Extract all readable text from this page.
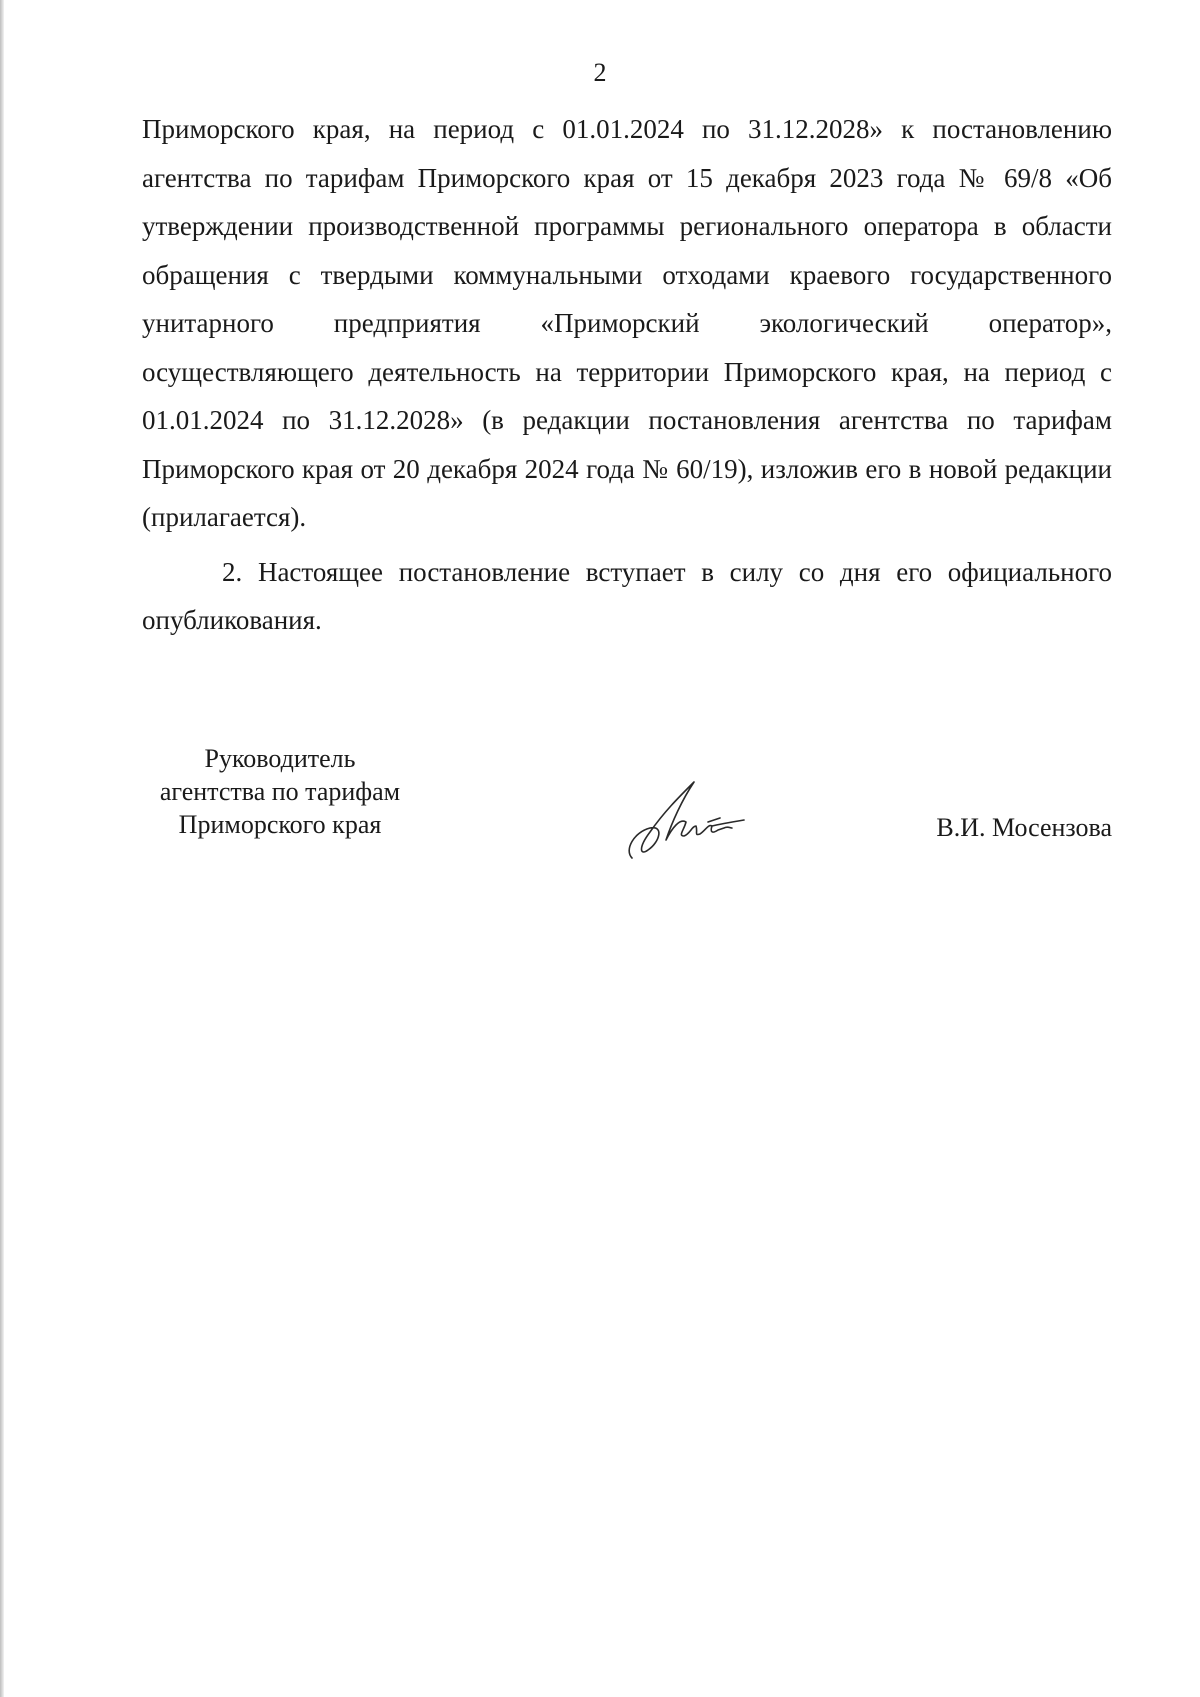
2

Приморского края, на период с 01.01.2024 по 31.12.2028» к постановлению агентства по тарифам Приморского края от 15 декабря 2023 года № 69/8 «Об утверждении производственной программы регионального оператора в области обращения с твердыми коммунальными отходами краевого государственного унитарного предприятия «Приморский экологический оператор», осуществляющего деятельность на территории Приморского края, на период с 01.01.2024 по 31.12.2028» (в редакции постановления агентства по тарифам Приморского края от 20 декабря 2024 года № 60/19), изложив его в новой редакции (прилагается).

2. Настоящее постановление вступает в силу со дня его официального опубликования.

Руководитель
агентства по тарифам
Приморского края	В.И. Мосензова
